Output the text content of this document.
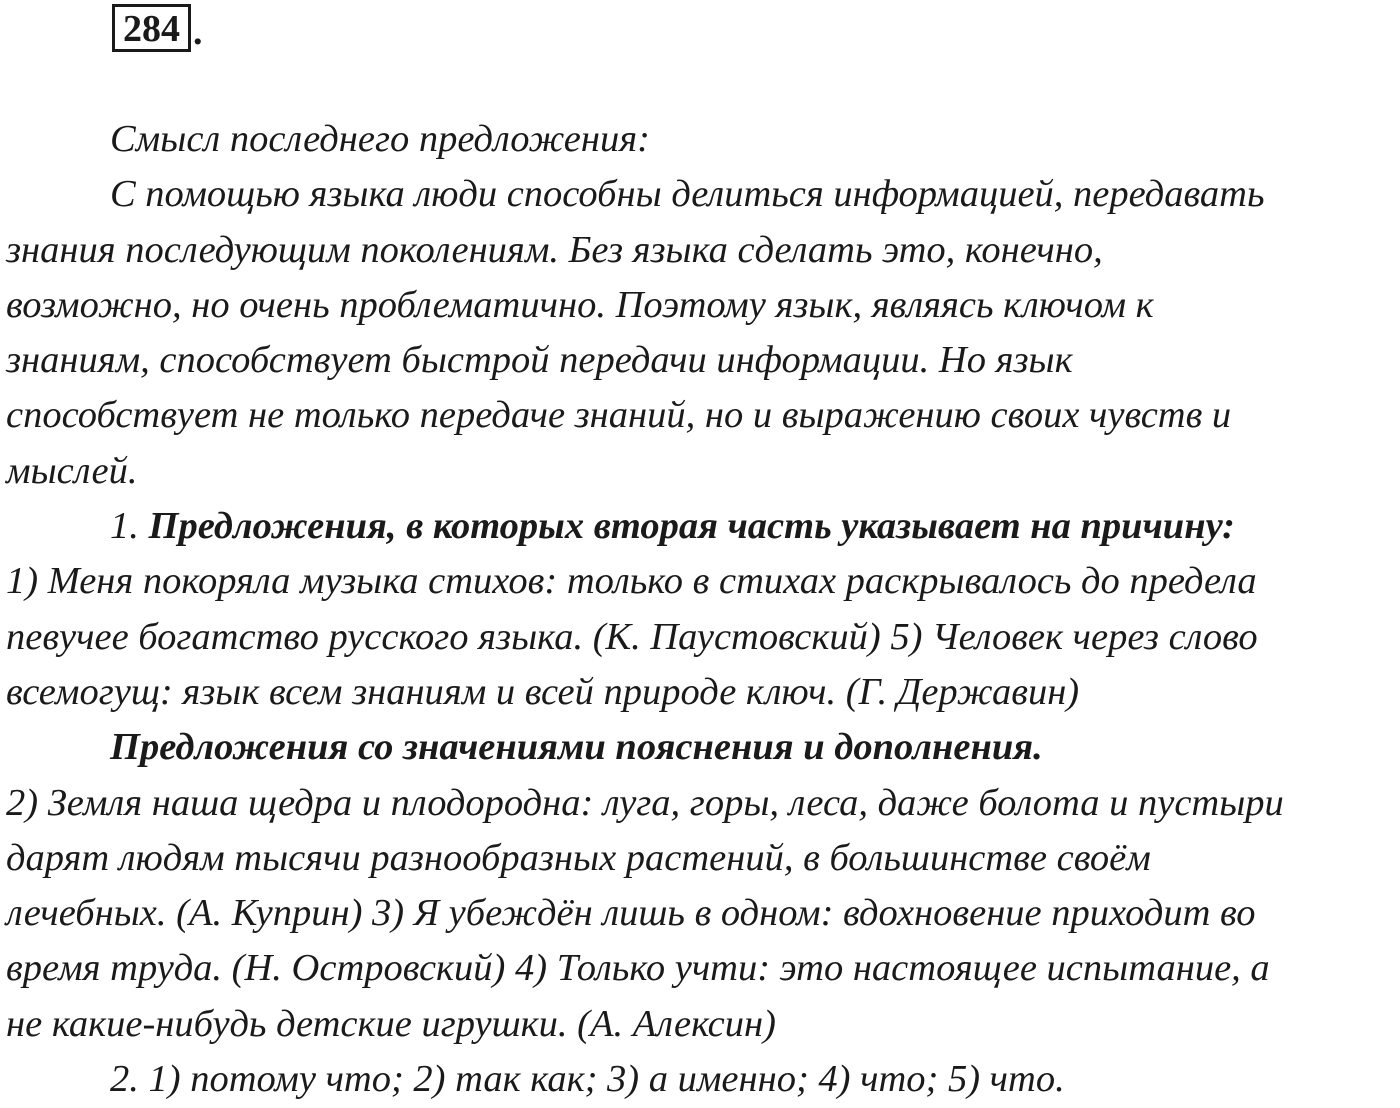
284 .

Смысл последнего предложения:

С помощью языка люди способны делиться информацией, передавать
знания последующим поколениям. Без языка сделать это, конечно,
возможно, но очень проблематично. Поэтому язык, являясь ключом к
знаниям, способствует быстрой передачи информации. Но язык
способствует не только передаче знаний, но и выражению своих чувств и
мыслей.

1. Предложения, в которых вторая часть указывает на причину:

1) Меня покоряла музыка стихов: только в стихах раскрывалось до предела
певучее богатство русского языка. (К. Паустовский) 5) Человек через слово
всемогущ: язык всем знаниям и всей природе ключ. (Г. Державин)

Предложения со значениями пояснения и дополнения.

2) Земля наша щедра и плодородна: луга, горы, леса, даже болота и пустыри
дарят людям тысячи разнообразных растений, в большинстве своём
лечебных. (А. Куприн) 3) Я убеждён лишь в одном: вдохновение приходит во
время труда. (Н. Островский) 4) Только учти: это настоящее испытание, а
не какие-нибудь детские игрушки. (А. Алексин)

2. 1) потому что; 2) так как; 3) а именно; 4) что; 5) что.
